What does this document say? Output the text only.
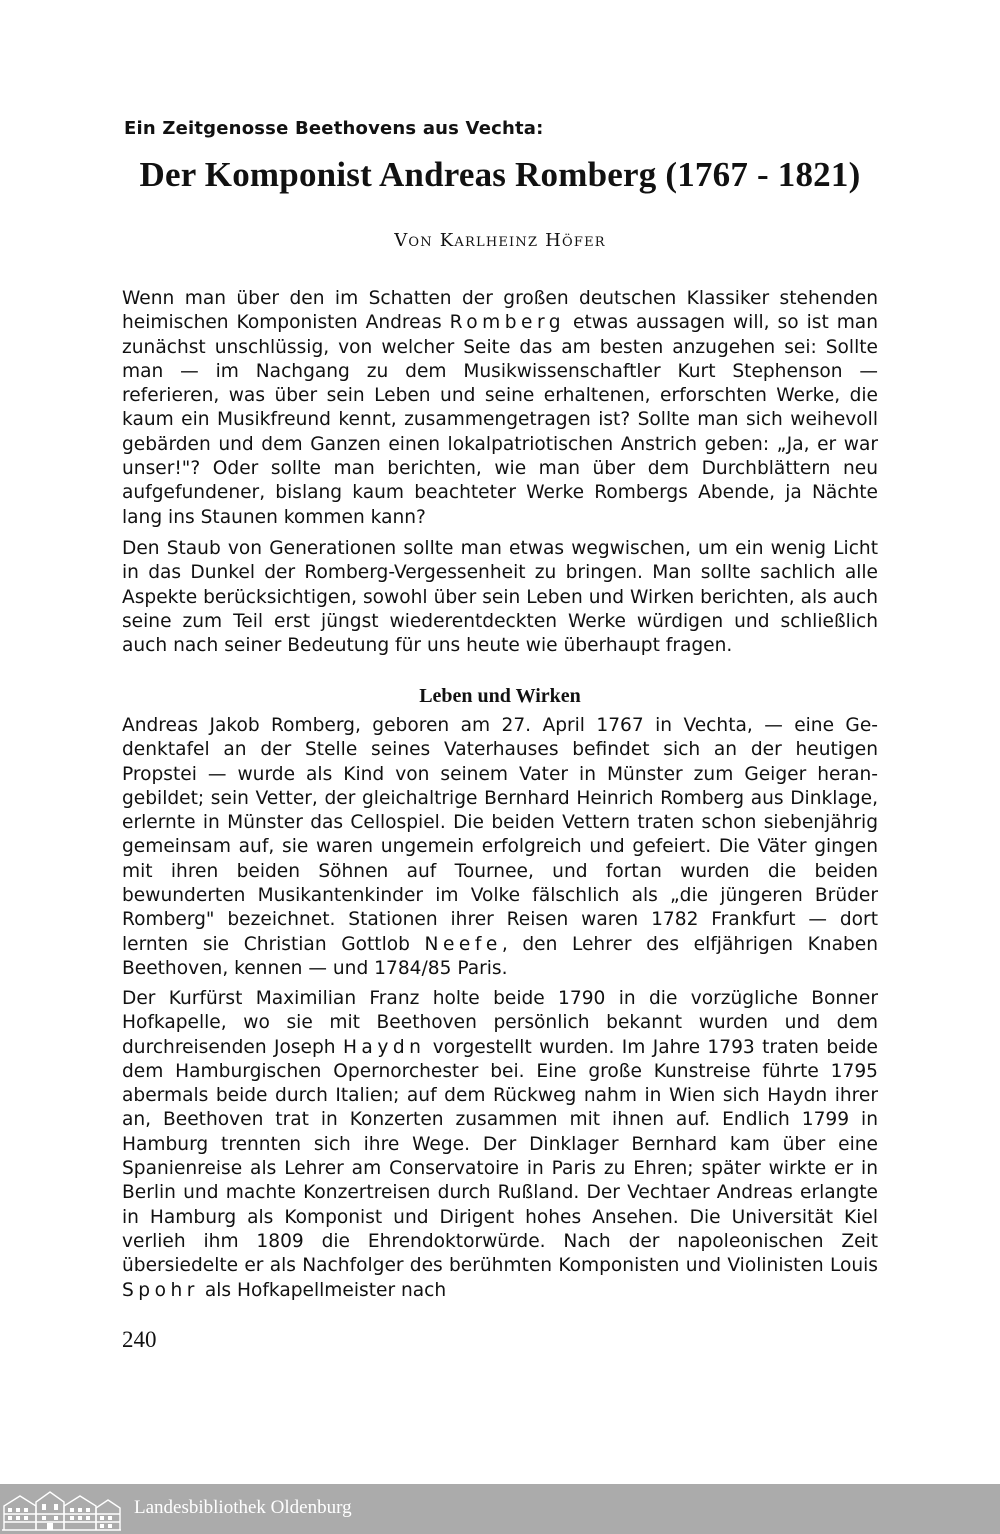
Ein Zeitgenosse Beethovens aus Vechta:
Der Komponist Andreas Romberg (1767 - 1821)
Von Karlheinz Höfer

Wenn man über den im Schatten der großen deutschen Klassiker stehenden heimischen Komponisten Andreas Romberg etwas aussagen will, so ist man zunächst unschlüssig, von welcher Seite das am besten anzugehen sei: Sollte man — im Nachgang zu dem Musikwissenschaftler Kurt Stephenson — referieren, was über sein Leben und seine erhaltenen, erforschten Werke, die kaum ein Musikfreund kennt, zusammengetragen ist? Sollte man sich weihevoll gebärden und dem Ganzen einen lokalpatriotischen Anstrich geben: „Ja, er war unser!"? Oder sollte man berichten, wie man über dem Durchblättern neu aufgefundener, bislang kaum beachteter Werke Rombergs Abende, ja Nächte lang ins Staunen kommen kann?

Den Staub von Generationen sollte man etwas wegwischen, um ein wenig Licht in das Dunkel der Romberg-Vergessenheit zu bringen. Man sollte sachlich alle Aspekte berücksichtigen, sowohl über sein Leben und Wirken berichten, als auch seine zum Teil erst jüngst wiederentdeckten Werke würdigen und schließlich auch nach seiner Bedeutung für uns heute wie überhaupt fragen.

Leben und Wirken

Andreas Jakob Romberg, geboren am 27. April 1767 in Vechta, — eine Gedenktafel an der Stelle seines Vaterhauses befindet sich an der heutigen Propstei — wurde als Kind von seinem Vater in Münster zum Geiger herangebildet; sein Vetter, der gleichaltrige Bernhard Heinrich Romberg aus Dinklage, erlernte in Münster das Cellospiel. Die beiden Vettern traten schon siebenjährig gemeinsam auf, sie waren ungemein erfolgreich und gefeiert. Die Väter gingen mit ihren beiden Söhnen auf Tournee, und fortan wurden die beiden bewunderten Musikantenkinder im Volke fälschlich als „die jüngeren Brüder Romberg" bezeichnet. Stationen ihrer Reisen waren 1782 Frankfurt — dort lernten sie Christian Gottlob Neefe, den Lehrer des elfjährigen Knaben Beethoven, kennen — und 1784/85 Paris.

Der Kurfürst Maximilian Franz holte beide 1790 in die vorzügliche Bonner Hofkapelle, wo sie mit Beethoven persönlich bekannt wurden und dem durchreisenden Joseph Haydn vorgestellt wurden. Im Jahre 1793 traten beide dem Hamburgischen Opernorchester bei. Eine große Kunstreise führte 1795 abermals beide durch Italien; auf dem Rückweg nahm in Wien sich Haydn ihrer an, Beethoven trat in Konzerten zusammen mit ihnen auf. Endlich 1799 in Hamburg trennten sich ihre Wege. Der Dinklager Bernhard kam über eine Spanienreise als Lehrer am Conservatoire in Paris zu Ehren; später wirkte er in Berlin und machte Konzertreisen durch Rußland. Der Vechtaer Andreas erlangte in Hamburg als Komponist und Dirigent hohes Ansehen. Die Universität Kiel verlieh ihm 1809 die Ehrendoktorwürde. Nach der napoleonischen Zeit übersiedelte er als Nachfolger des berühmten Komponisten und Violinisten Louis Spohr als Hofkapellmeister nach

240
Landesbibliothek Oldenburg
